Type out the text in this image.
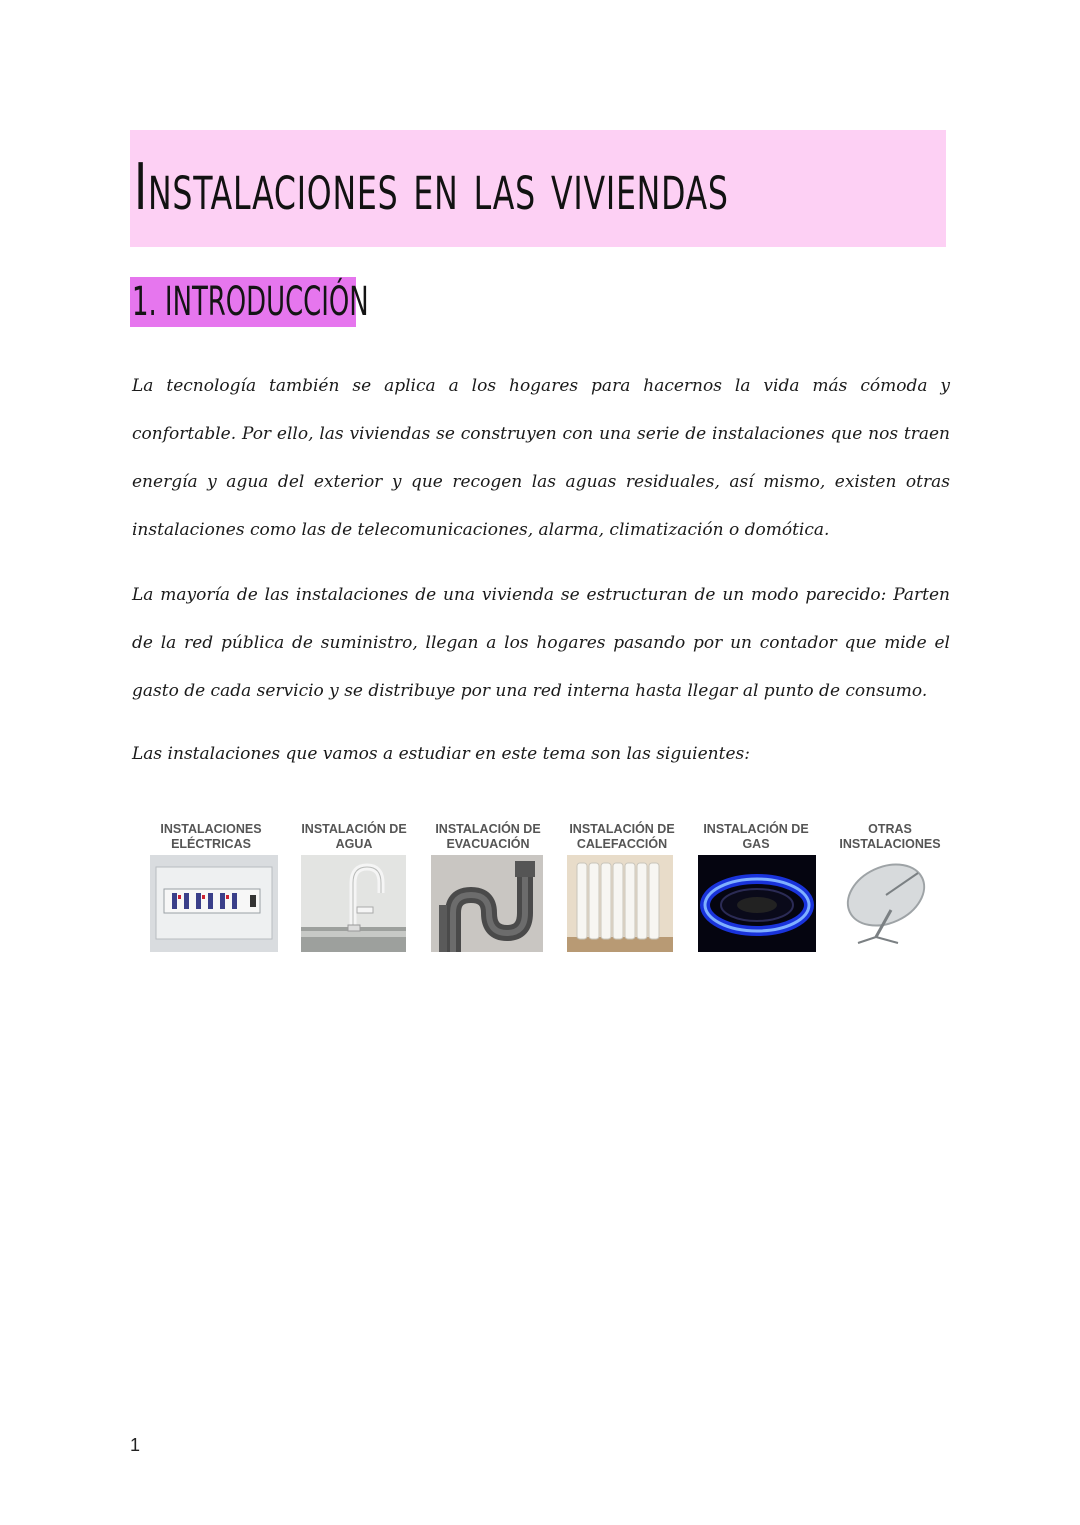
Instalaciones en las viviendas
1. INTRODUCCIÓN

La tecnología también se aplica a los hogares para hacernos la vida más cómoda y confortable. Por ello, las viviendas se construyen con una serie de instalaciones que nos traen energía y agua del exterior y que recogen las aguas residuales, así mismo, existen otras instalaciones como las de telecomunicaciones, alarma, climatización o domótica.

La mayoría de las instalaciones de una vivienda se estructuran de un modo parecido: Parten de la red pública de suministro, llegan a los hogares pasando por un contador que mide el gasto de cada servicio y se distribuye por una red interna hasta llegar al punto de consumo.

Las instalaciones que vamos a estudiar en este tema son las siguientes:

INSTALACIONES
ELÉCTRICAS
INSTALACIÓN DE
AGUA
INSTALACIÓN DE
EVACUACIÓN
INSTALACIÓN DE
CALEFACCIÓN
INSTALACIÓN DE
GAS
OTRAS
INSTALACIONES
1
